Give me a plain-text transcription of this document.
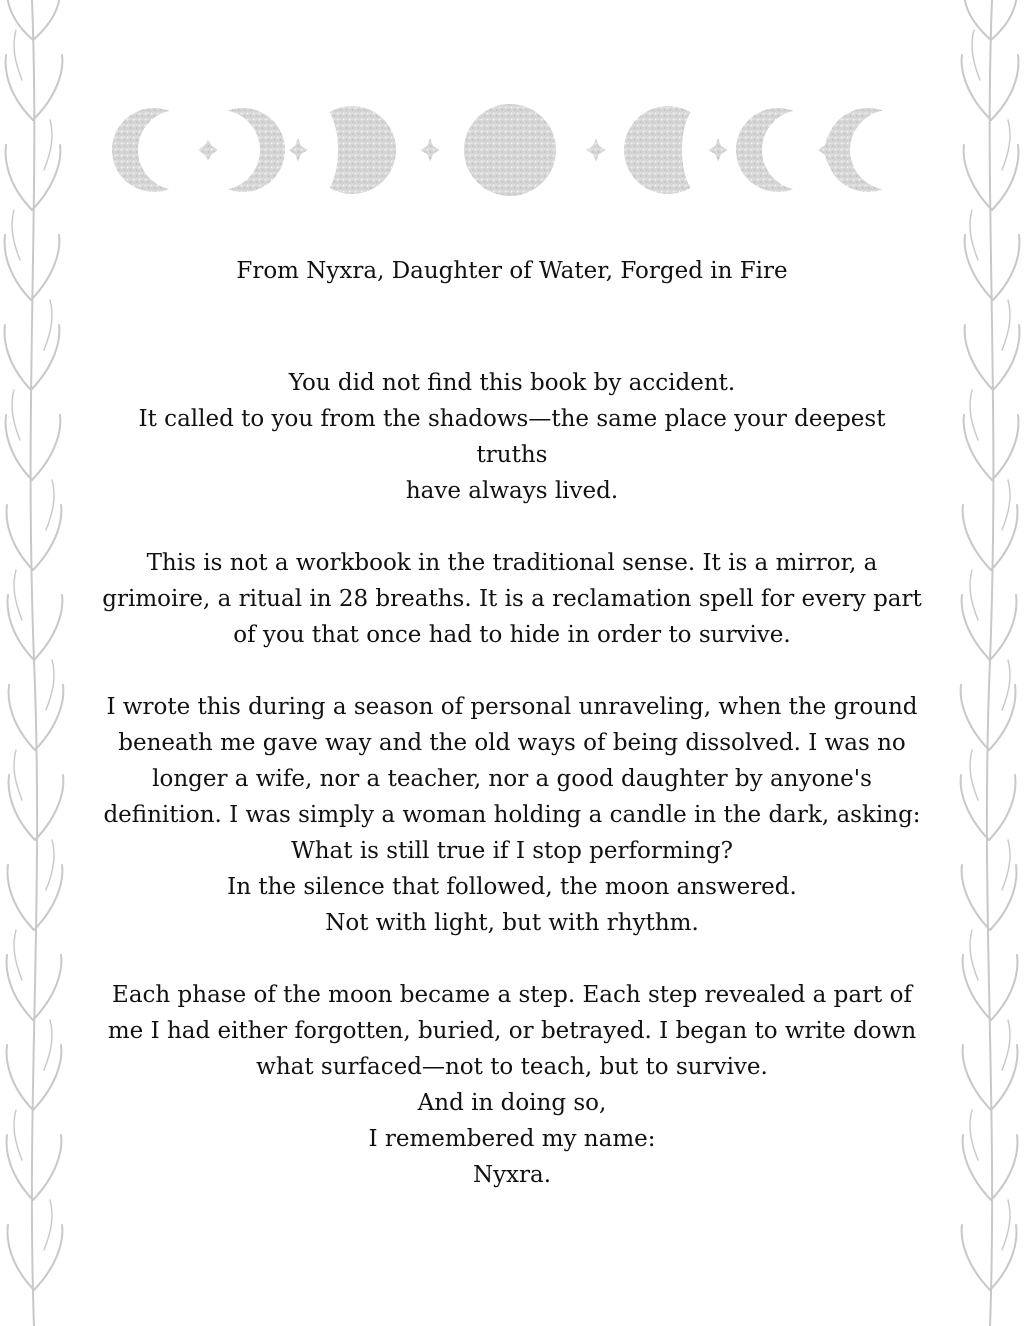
From Nyxra, Daughter of Water, Forged in Fire

You did not find this book by accident.

It called to you from the shadows—the same place your deepest truths

have always lived.

This is not a workbook in the traditional sense. It is a mirror, a

grimoire, a ritual in 28 breaths. It is a reclamation spell for every part

of you that once had to hide in order to survive.

I wrote this during a season of personal unraveling, when the ground

beneath me gave way and the old ways of being dissolved. I was no

longer a wife, nor a teacher, nor a good daughter by anyone's

definition. I was simply a woman holding a candle in the dark, asking:

What is still true if I stop performing?

In the silence that followed, the moon answered.

Not with light, but with rhythm.

Each phase of the moon became a step. Each step revealed a part of

me I had either forgotten, buried, or betrayed. I began to write down

what surfaced—not to teach, but to survive.

And in doing so,

I remembered my name:

Nyxra.
